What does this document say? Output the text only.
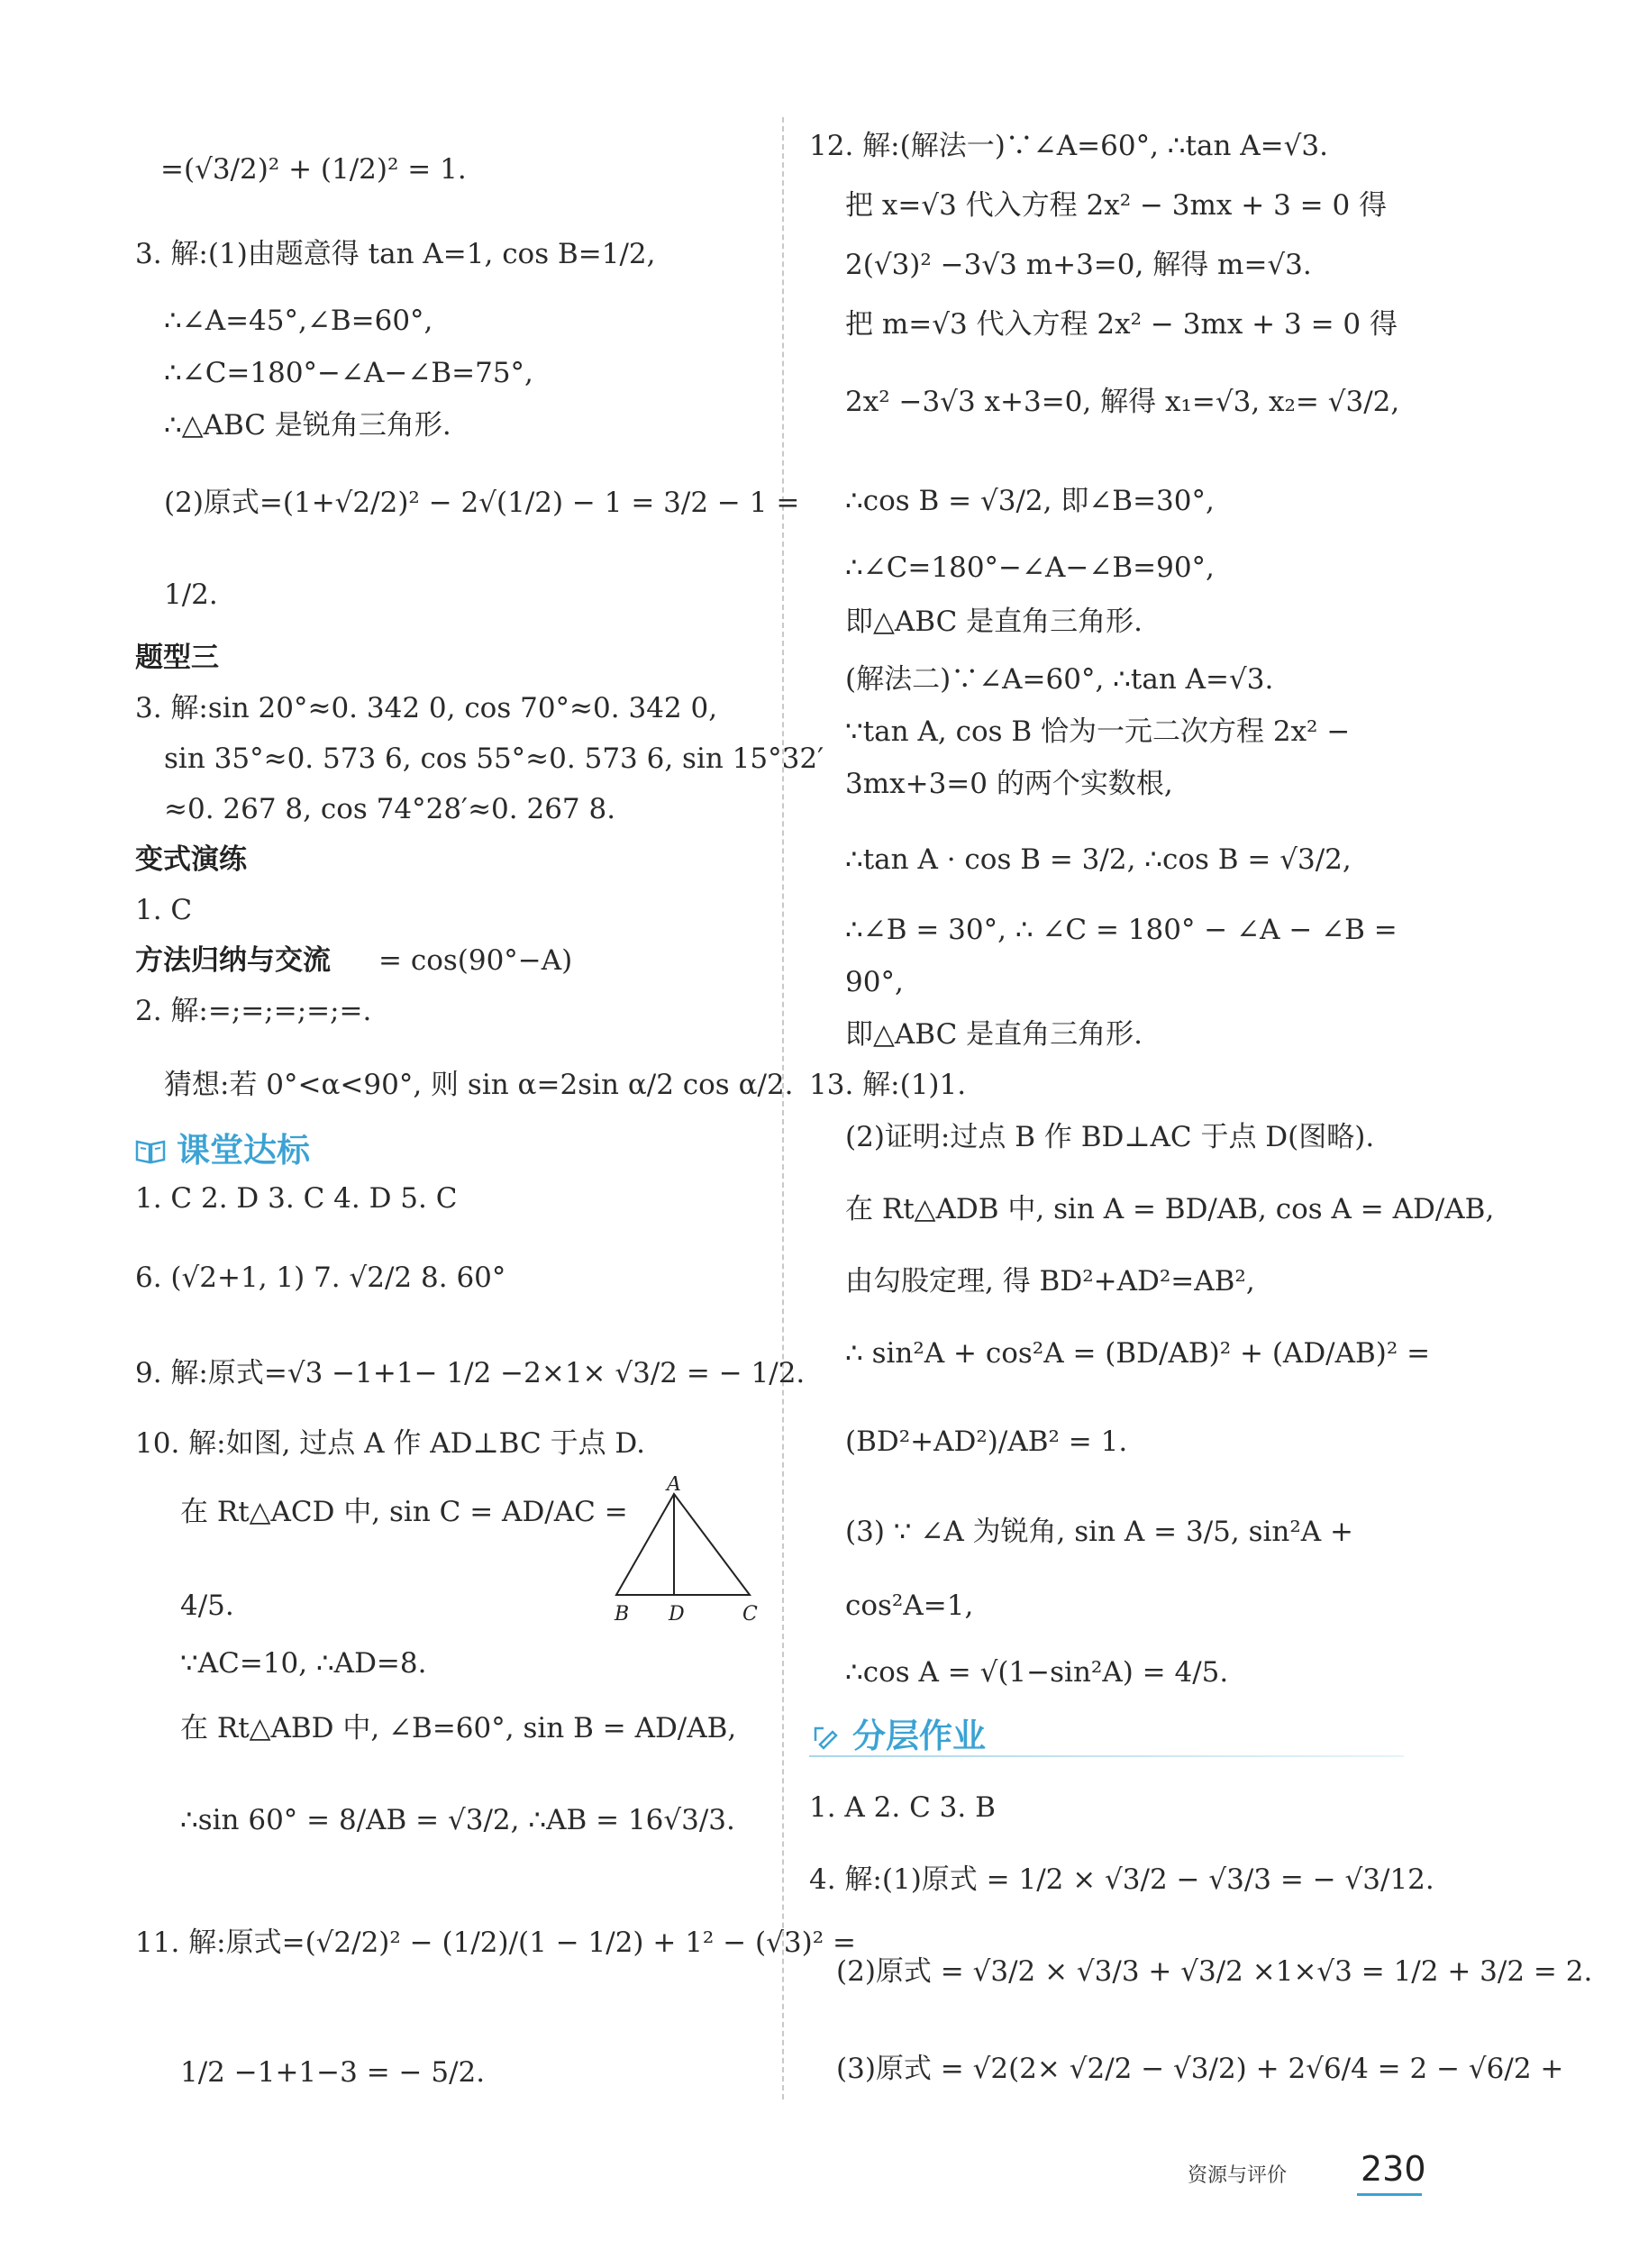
=(√3/2)² + (1/2)² = 1.
3. 解:(1)由题意得 tan A=1, cos B=1/2,
∴∠A=45°,∠B=60°,
∴∠C=180°−∠A−∠B=75°,
∴△ABC 是锐角三角形.
(2)原式=(1+√2/2)² − 2√(1/2) − 1 = 3/2 − 1 =
1/2.
题型三
3. 解:sin 20°≈0. 342 0, cos 70°≈0. 342 0,
sin 35°≈0. 573 6, cos 55°≈0. 573 6, sin 15°32′
≈0. 267 8, cos 74°28′≈0. 267 8.
变式演练
1. C
方法归纳与交流 = cos(90°−A)
2. 解:=;=;=;=;=.
猜想:若 0°<α<90°, 则 sin α=2sin α/2 cos α/2.
课堂达标
1. C 2. D 3. C 4. D 5. C
6. (√2+1, 1) 7. √2/2 8. 60°
9. 解:原式=√3 −1+1− 1/2 −2×1× √3/2 = − 1/2.
10. 解:如图, 过点 A 作 AD⊥BC 于点 D.
在 Rt△ACD 中, sin C = AD/AC =
4/5.
∵AC=10, ∴AD=8.
在 Rt△ABD 中, ∠B=60°, sin B = AD/AB,
∴sin 60° = 8/AB = √3/2, ∴AB = 16√3/3.
11. 解:原式=(√2/2)² − (1/2)/(1 − 1/2) + 1² − (√3)² =
1/2 −1+1−3 = − 5/2.
A
B D	C
12. 解:(解法一)∵∠A=60°, ∴tan A=√3.
把 x=√3 代入方程 2x² − 3mx + 3 = 0 得
2(√3)² −3√3 m+3=0, 解得 m=√3.
把 m=√3 代入方程 2x² − 3mx + 3 = 0 得
2x² −3√3 x+3=0, 解得 x₁=√3, x₂= √3/2,
∴cos B = √3/2, 即∠B=30°,
∴∠C=180°−∠A−∠B=90°,
即△ABC 是直角三角形.
(解法二)∵∠A=60°, ∴tan A=√3.
∵tan A, cos B 恰为一元二次方程 2x² −
3mx+3=0 的两个实数根,
∴tan A · cos B = 3/2, ∴cos B = √3/2,
∴∠B = 30°, ∴ ∠C = 180° − ∠A − ∠B =
90°,
即△ABC 是直角三角形.
13. 解:(1)1.
(2)证明:过点 B 作 BD⊥AC 于点 D(图略).
在 Rt△ADB 中, sin A = BD/AB, cos A = AD/AB,
由勾股定理, 得 BD²+AD²=AB²,
∴ sin²A + cos²A = (BD/AB)² + (AD/AB)² =
(BD²+AD²)/AB² = 1.
(3) ∵ ∠A 为锐角, sin A = 3/5, sin²A +
cos²A=1,
∴cos A = √(1−sin²A) = 4/5.
分层作业
1. A 2. C 3. B
4. 解:(1)原式 = 1/2 × √3/2 − √3/3 = − √3/12.
(2)原式 = √3/2 × √3/3 + √3/2 ×1×√3 = 1/2 + 3/2 = 2.
(3)原式 = √2(2× √2/2 − √3/2) + 2√6/4 = 2 − √6/2 +
资源与评价 230
